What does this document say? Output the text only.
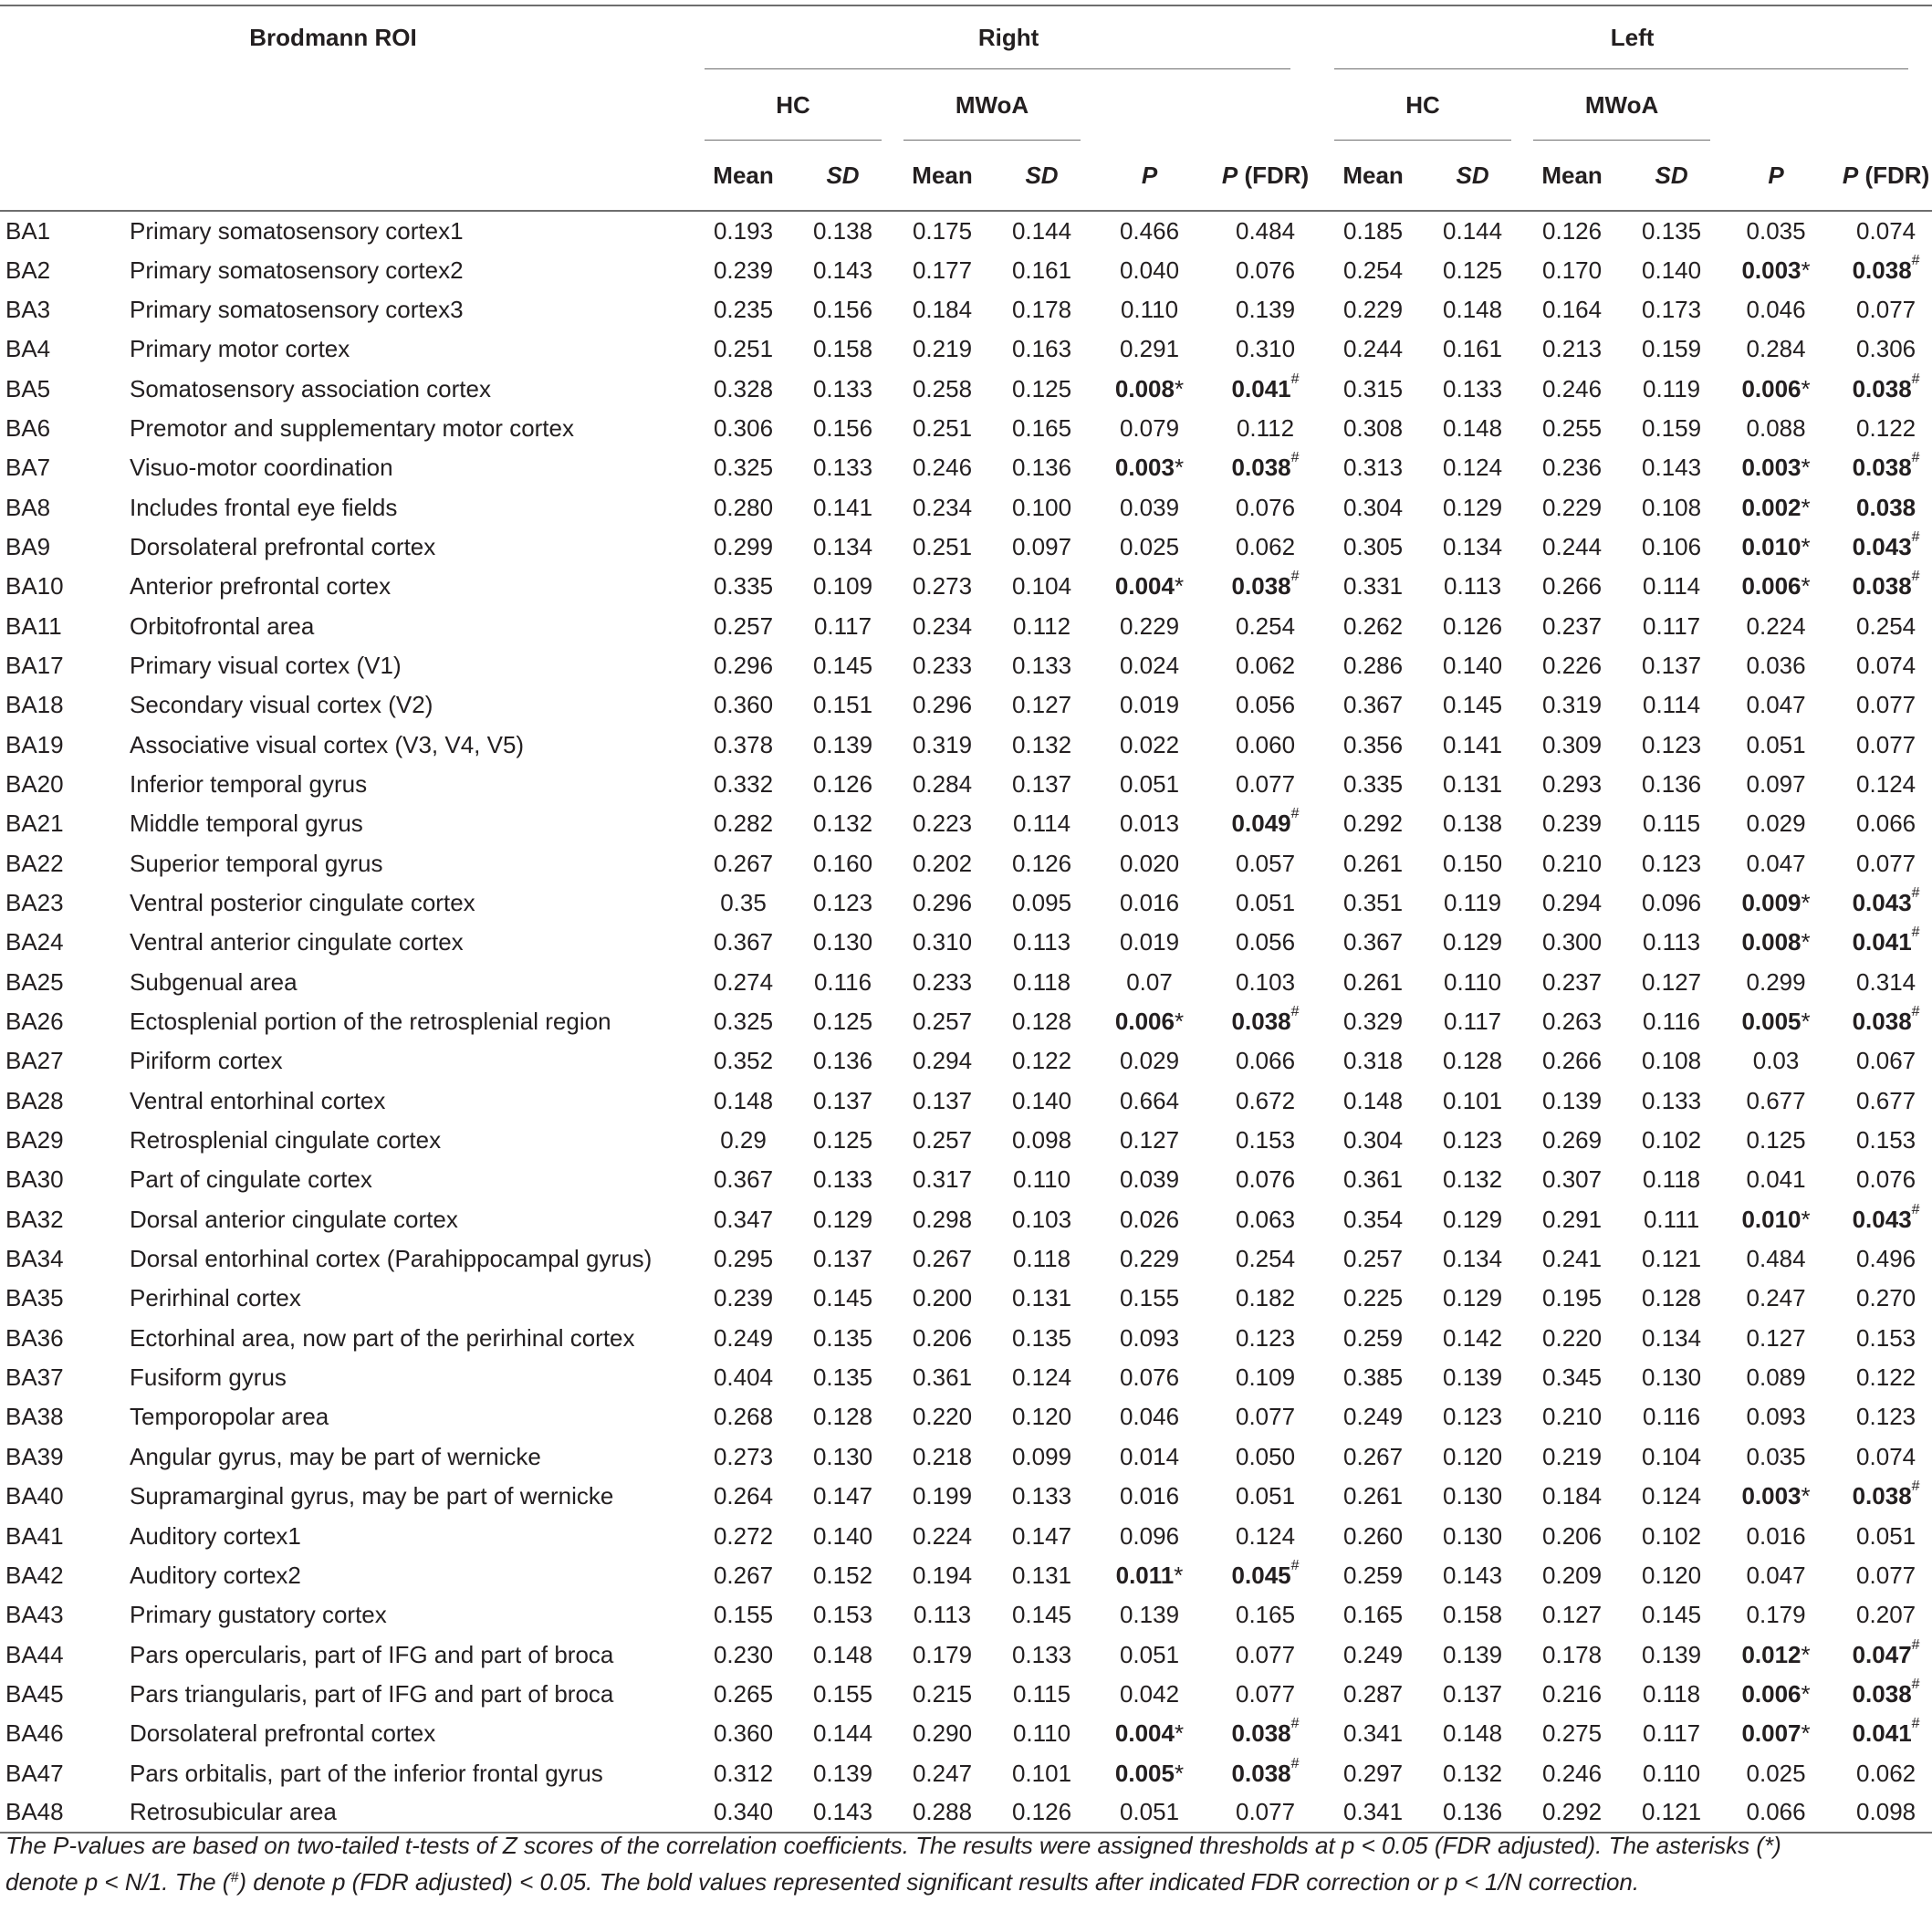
Brodmann ROI		Right						Left					

		HC		MWoA				HC		MWoA		

		Mean	SD	Mean	SD	P	P (FDR)	Mean	SD	Mean	SD	P	P (FDR)
BA1	Primary somatosensory cortex1	0.193	0.138	0.175	0.144	0.466	0.484	0.185	0.144	0.126	0.135	0.035	0.074
BA2	Primary somatosensory cortex2	0.239	0.143	0.177	0.161	0.040	0.076	0.254	0.125	0.170	0.140	0.003*	0.038#
BA3	Primary somatosensory cortex3	0.235	0.156	0.184	0.178	0.110	0.139	0.229	0.148	0.164	0.173	0.046	0.077
BA4	Primary motor cortex	0.251	0.158	0.219	0.163	0.291	0.310	0.244	0.161	0.213	0.159	0.284	0.306
BA5	Somatosensory association cortex	0.328	0.133	0.258	0.125	0.008*	0.041#	0.315	0.133	0.246	0.119	0.006*	0.038#
BA6	Premotor and supplementary motor cortex	0.306	0.156	0.251	0.165	0.079	0.112	0.308	0.148	0.255	0.159	0.088	0.122
BA7	Visuo-motor coordination	0.325	0.133	0.246	0.136	0.003*	0.038#	0.313	0.124	0.236	0.143	0.003*	0.038#
BA8	Includes frontal eye fields	0.280	0.141	0.234	0.100	0.039	0.076	0.304	0.129	0.229	0.108	0.002*	0.038
BA9	Dorsolateral prefrontal cortex	0.299	0.134	0.251	0.097	0.025	0.062	0.305	0.134	0.244	0.106	0.010*	0.043#
BA10	Anterior prefrontal cortex	0.335	0.109	0.273	0.104	0.004*	0.038#	0.331	0.113	0.266	0.114	0.006*	0.038#
BA11	Orbitofrontal area	0.257	0.117	0.234	0.112	0.229	0.254	0.262	0.126	0.237	0.117	0.224	0.254
BA17	Primary visual cortex (V1)	0.296	0.145	0.233	0.133	0.024	0.062	0.286	0.140	0.226	0.137	0.036	0.074
BA18	Secondary visual cortex (V2)	0.360	0.151	0.296	0.127	0.019	0.056	0.367	0.145	0.319	0.114	0.047	0.077
BA19	Associative visual cortex (V3, V4, V5)	0.378	0.139	0.319	0.132	0.022	0.060	0.356	0.141	0.309	0.123	0.051	0.077
BA20	Inferior temporal gyrus	0.332	0.126	0.284	0.137	0.051	0.077	0.335	0.131	0.293	0.136	0.097	0.124
BA21	Middle temporal gyrus	0.282	0.132	0.223	0.114	0.013	0.049#	0.292	0.138	0.239	0.115	0.029	0.066
BA22	Superior temporal gyrus	0.267	0.160	0.202	0.126	0.020	0.057	0.261	0.150	0.210	0.123	0.047	0.077
BA23	Ventral posterior cingulate cortex	0.35	0.123	0.296	0.095	0.016	0.051	0.351	0.119	0.294	0.096	0.009*	0.043#
BA24	Ventral anterior cingulate cortex	0.367	0.130	0.310	0.113	0.019	0.056	0.367	0.129	0.300	0.113	0.008*	0.041#
BA25	Subgenual area	0.274	0.116	0.233	0.118	0.07	0.103	0.261	0.110	0.237	0.127	0.299	0.314
BA26	Ectosplenial portion of the retrosplenial region	0.325	0.125	0.257	0.128	0.006*	0.038#	0.329	0.117	0.263	0.116	0.005*	0.038#
BA27	Piriform cortex	0.352	0.136	0.294	0.122	0.029	0.066	0.318	0.128	0.266	0.108	0.03	0.067
BA28	Ventral entorhinal cortex	0.148	0.137	0.137	0.140	0.664	0.672	0.148	0.101	0.139	0.133	0.677	0.677
BA29	Retrosplenial cingulate cortex	0.29	0.125	0.257	0.098	0.127	0.153	0.304	0.123	0.269	0.102	0.125	0.153
BA30	Part of cingulate cortex	0.367	0.133	0.317	0.110	0.039	0.076	0.361	0.132	0.307	0.118	0.041	0.076
BA32	Dorsal anterior cingulate cortex	0.347	0.129	0.298	0.103	0.026	0.063	0.354	0.129	0.291	0.111	0.010*	0.043#
BA34	Dorsal entorhinal cortex (Parahippocampal gyrus)	0.295	0.137	0.267	0.118	0.229	0.254	0.257	0.134	0.241	0.121	0.484	0.496
BA35	Perirhinal cortex	0.239	0.145	0.200	0.131	0.155	0.182	0.225	0.129	0.195	0.128	0.247	0.270
BA36	Ectorhinal area, now part of the perirhinal cortex	0.249	0.135	0.206	0.135	0.093	0.123	0.259	0.142	0.220	0.134	0.127	0.153
BA37	Fusiform gyrus	0.404	0.135	0.361	0.124	0.076	0.109	0.385	0.139	0.345	0.130	0.089	0.122
BA38	Temporopolar area	0.268	0.128	0.220	0.120	0.046	0.077	0.249	0.123	0.210	0.116	0.093	0.123
BA39	Angular gyrus, may be part of wernicke	0.273	0.130	0.218	0.099	0.014	0.050	0.267	0.120	0.219	0.104	0.035	0.074
BA40	Supramarginal gyrus, may be part of wernicke	0.264	0.147	0.199	0.133	0.016	0.051	0.261	0.130	0.184	0.124	0.003*	0.038#
BA41	Auditory cortex1	0.272	0.140	0.224	0.147	0.096	0.124	0.260	0.130	0.206	0.102	0.016	0.051
BA42	Auditory cortex2	0.267	0.152	0.194	0.131	0.011*	0.045#	0.259	0.143	0.209	0.120	0.047	0.077
BA43	Primary gustatory cortex	0.155	0.153	0.113	0.145	0.139	0.165	0.165	0.158	0.127	0.145	0.179	0.207
BA44	Pars opercularis, part of IFG and part of broca	0.230	0.148	0.179	0.133	0.051	0.077	0.249	0.139	0.178	0.139	0.012*	0.047#
BA45	Pars triangularis, part of IFG and part of broca	0.265	0.155	0.215	0.115	0.042	0.077	0.287	0.137	0.216	0.118	0.006*	0.038#
BA46	Dorsolateral prefrontal cortex	0.360	0.144	0.290	0.110	0.004*	0.038#	0.341	0.148	0.275	0.117	0.007*	0.041#
BA47	Pars orbitalis, part of the inferior frontal gyrus	0.312	0.139	0.247	0.101	0.005*	0.038#	0.297	0.132	0.246	0.110	0.025	0.062
BA48	Retrosubicular area	0.340	0.143	0.288	0.126	0.051	0.077	0.341	0.136	0.292	0.121	0.066	0.098
The P-values are based on two-tailed t-tests of Z scores of the correlation coefficients. The results were assigned thresholds at p < 0.05 (FDR adjusted). The asterisks (*)
denote p < N/1. The (#) denote p (FDR adjusted) < 0.05. The bold values represented significant results after indicated FDR correction or p < 1/N correction.
